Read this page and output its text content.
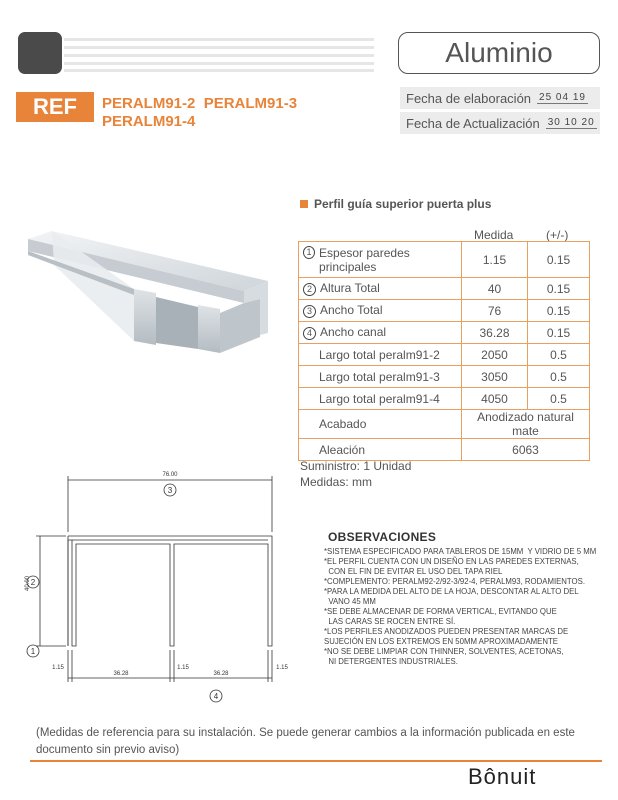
Aluminio
REF	PERALM91-2  PERALM91-3
PERALM91-4
Fecha de elaboración 25 04 19
Fecha de Actualización 30 10 20
Perfil guía superior puerta plus
Medida	(+/-)
1 Espesor paredes principales	1.15	0.15
2 Altura Total	40	0.15
3 Ancho Total	76	0.15
4 Ancho canal	36.28	0.15
Largo total peralm91-2	2050	0.5
Largo total peralm91-3	3050	0.5
Largo total peralm91-4	4050	0.5
Acabado	Anodizado natural mate	
Aleación	6063	
Suministro: 1 Unidad
Medidas: mm
76.00
3
2
1
4
40.00
1.15
36.28
1.15
36.28
1.15
OBSERVACIONES
*SISTEMA ESPECIFICADO PARA TABLEROS DE 15MM  Y VIDRIO DE 5 MM
*EL PERFIL CUENTA CON UN DISEÑO EN LAS PAREDES EXTERNAS,
CON EL FIN DE EVITAR EL USO DEL TAPA RIEL
*COMPLEMENTO: PERALM92-2/92-3/92-4, PERALM93, RODAMIENTOS.
*PARA LA MEDIDA DEL ALTO DE LA HOJA, DESCONTAR AL ALTO DEL
VANO 45 MM
*SE DEBE ALMACENAR DE FORMA VERTICAL, EVITANDO QUE
LAS CARAS SE ROCEN ENTRE SÍ.
*LOS PERFILES ANODIZADOS PUEDEN PRESENTAR MARCAS DE
SUJECIÓN EN LOS EXTREMOS EN 50MM APROXIMADAMENTE
*NO SE DEBE LIMPIAR CON THINNER, SOLVENTES, ACETONAS,
NI DETERGENTES INDUSTRIALES.
(Medidas de referencia para su instalación. Se puede generar cambios a la información publicada en este documento sin previo aviso)
Bônuit
